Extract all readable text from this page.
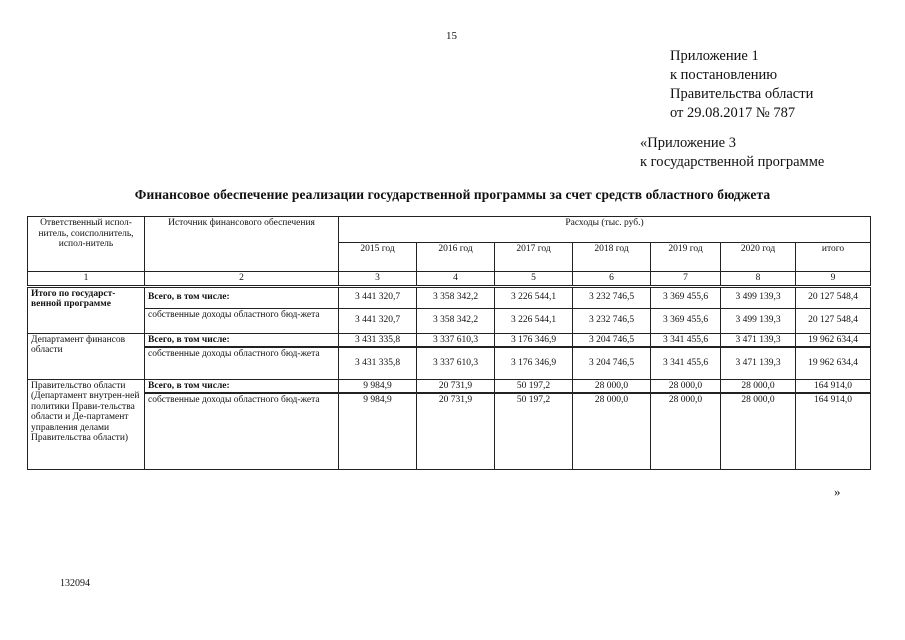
15
Приложение 1
к постановлению
Правительства области
от 29.08.2017 № 787
«Приложение 3
к государственной программе
Финансовое обеспечение реализации государственной программы за счет средств областного бюджета
Ответственный испол-нитель, соисполнитель, испол-нитель	Источник финансового обеспечения	Расходы (тыс. руб.)						
		2015 год	2016 год	2017 год	2018 год	2019 год	2020 год	итого
1	2	3	4	5	6	7	8	9
Итого по государст-венной программе	Всего, в том числе:	3 441 320,7	3 358 342,2	3 226 544,1	3 232 746,5	3 369 455,6	3 499 139,3	20 127 548,4
	собственные доходы областного бюд-жета	3 441 320,7	3 358 342,2	3 226 544,1	3 232 746,5	3 369 455,6	3 499 139,3	20 127 548,4
Департамент финансов области	Всего, в том числе:	3 431 335,8	3 337 610,3	3 176 346,9	3 204 746,5	3 341 455,6	3 471 139,3	19 962 634,4
	собственные доходы областного бюд-жета	3 431 335,8	3 337 610,3	3 176 346,9	3 204 746,5	3 341 455,6	3 471 139,3	19 962 634,4
Правительство области (Департамент внутрен-ней политики Прави-тельства области и Де-партамент управления делами Правительства области)	Всего, в том числе:	9 984,9	20 731,9	50 197,2	28 000,0	28 000,0	28 000,0	164 914,0
	собственные доходы областного бюд-жета	9 984,9	20 731,9	50 197,2	28 000,0	28 000,0	28 000,0	164 914,0
»
132094
